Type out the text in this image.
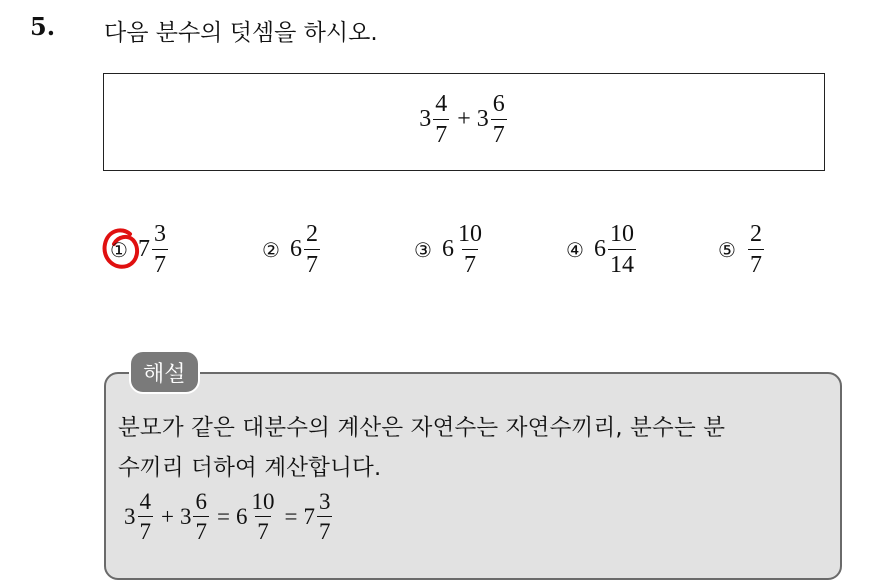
5. 다음 분수의 덧셈을 하시오.
$3 \frac{4}{7} + 3 \frac{6}{7}$
① $7 \frac{3}{7}$	② $6 \frac{2}{7}$	③ $6 \frac{10}{7}$	④ $6 \frac{10}{14}$	⑤ $\frac{2}{7}$
해설
분모가 같은 대분수의 계산은 자연수는 자연수끼리, 분수는 분
수끼리 더하여 계산합니다.
$3 \frac{4}{7} + 3 \frac{6}{7} = 6 \frac{10}{7} = 7 \frac{3}{7}$
